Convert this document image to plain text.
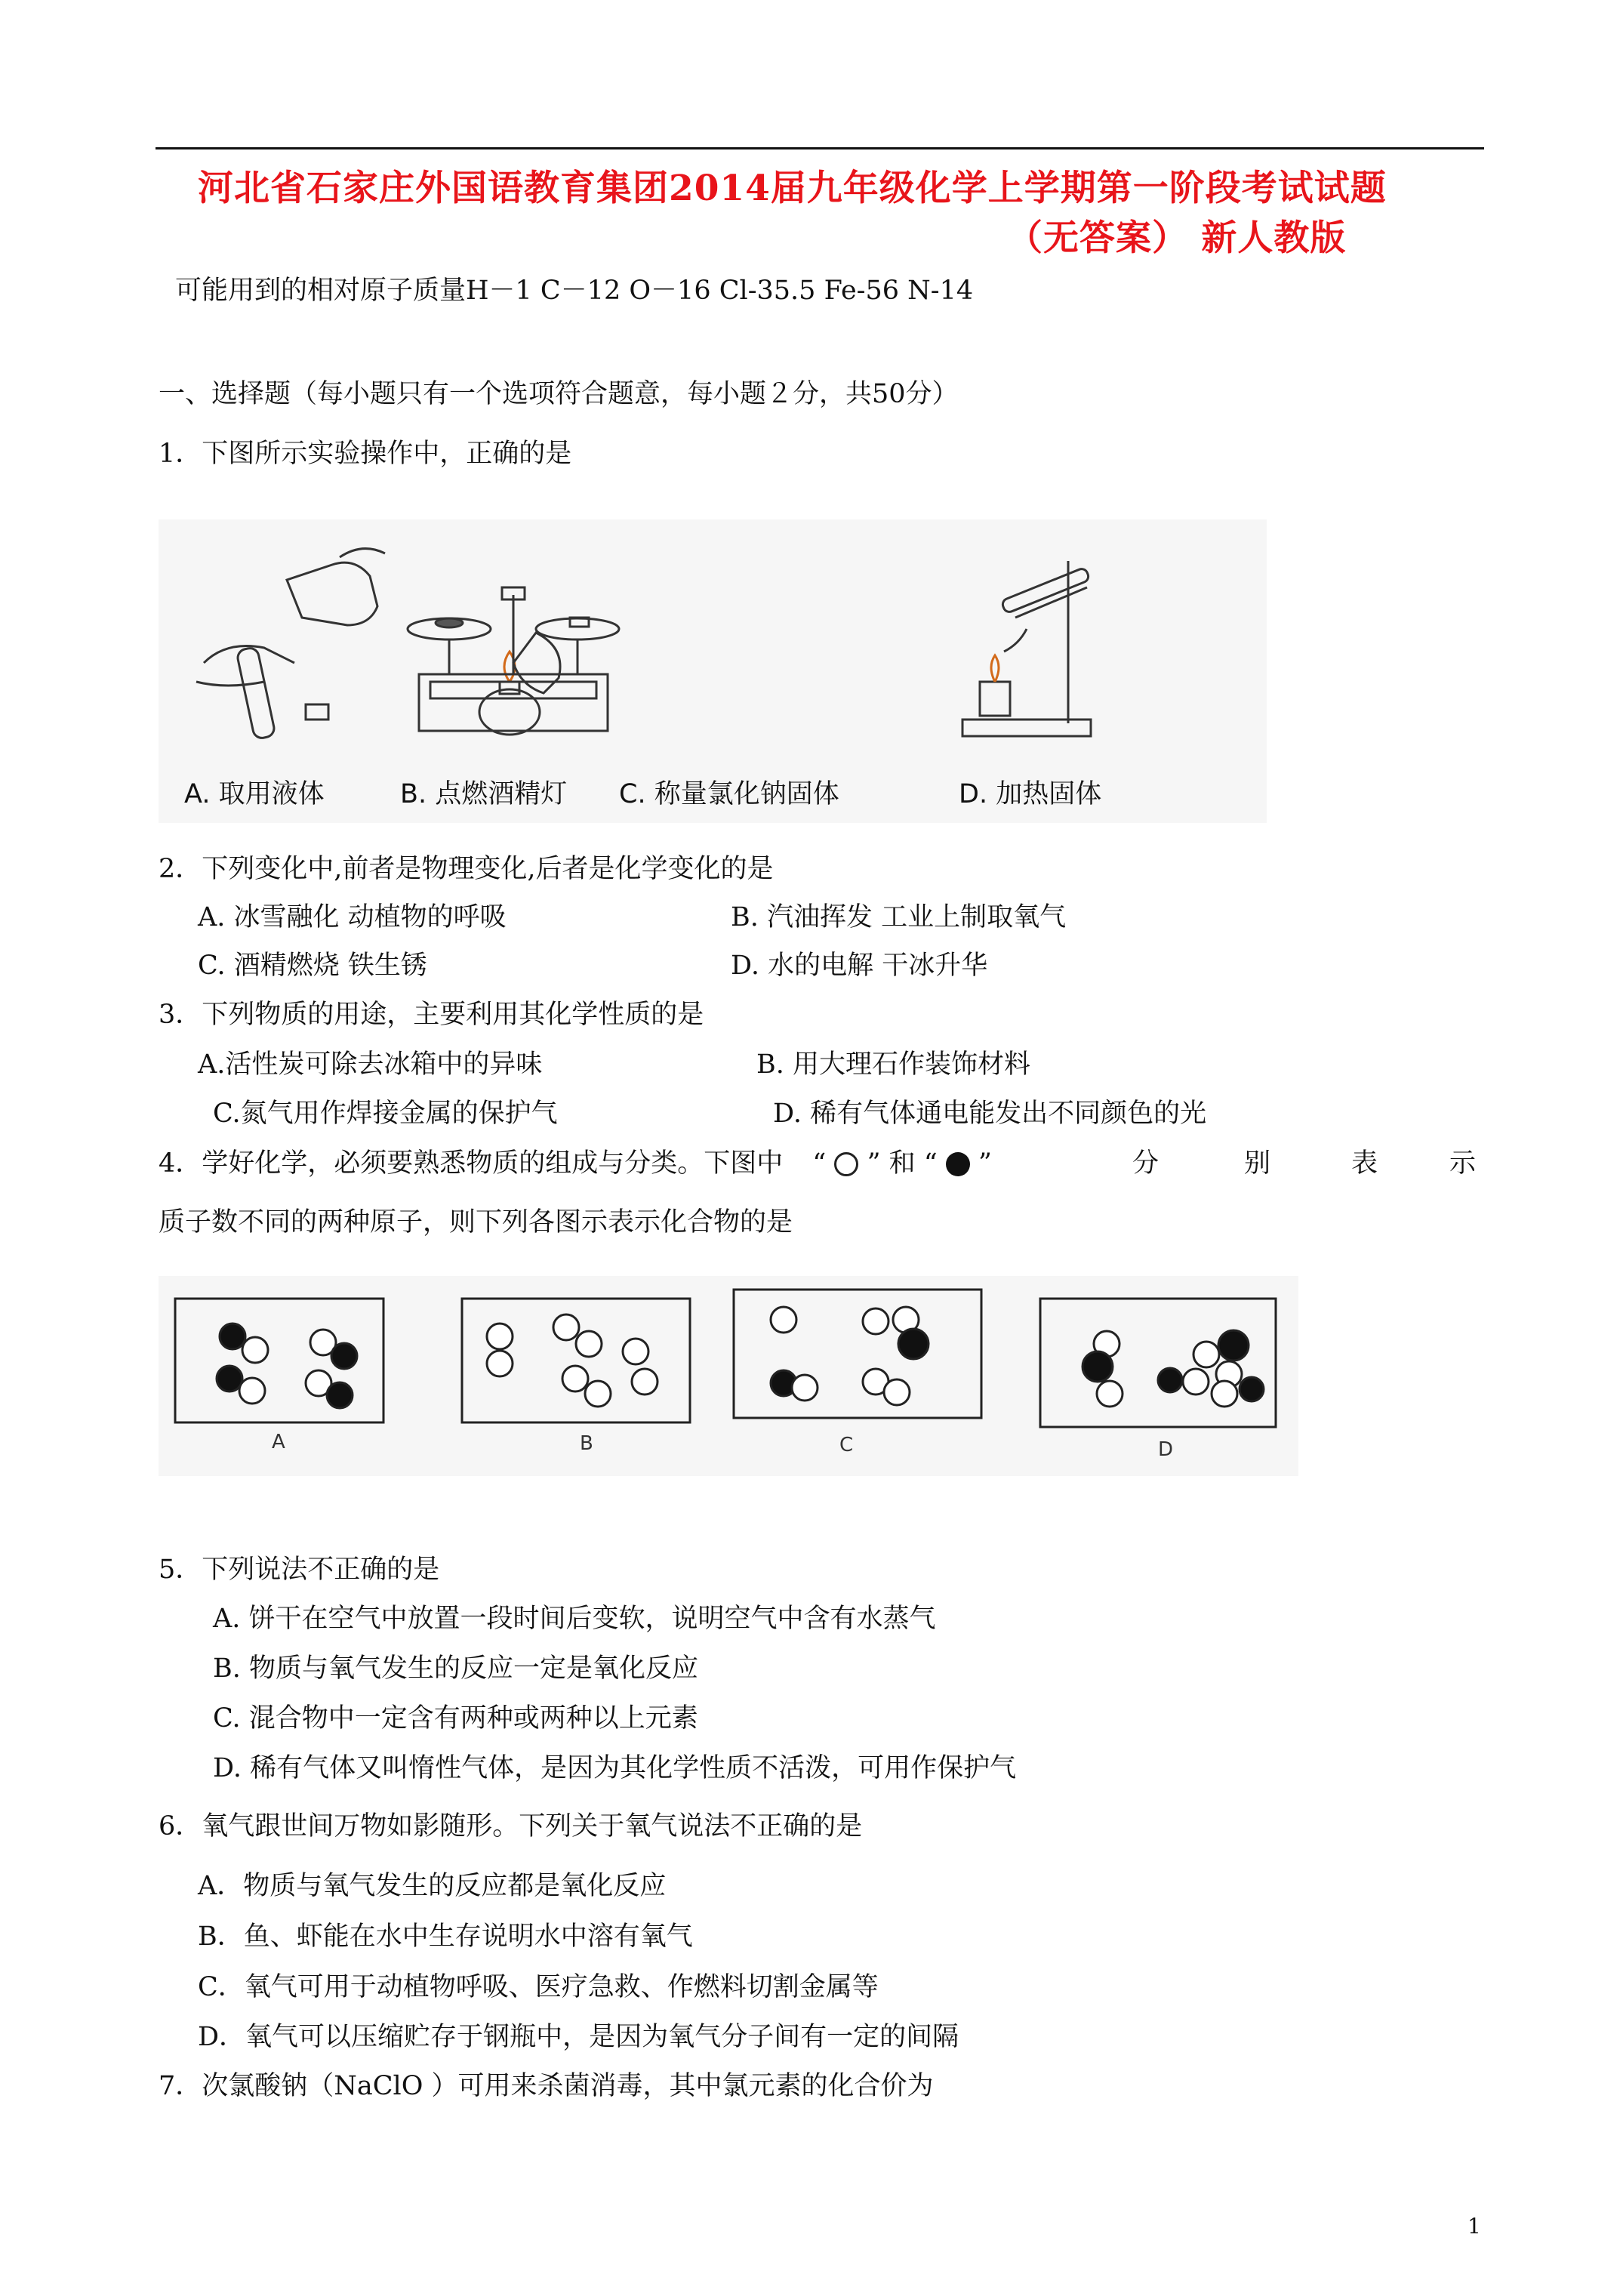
河北省石家庄外国语教育集团2014届九年级化学上学期第一阶段考试试题
（无答案） 新人教版
可能用到的相对原子质量H－1 C－12 O－16 Cl-35.5 Fe-56 N-14
一、选择题（每小题只有一个选项符合题意，每小题２分，共50分）
1．下图所示实验操作中，正确的是
A. 取用液体	B. 点燃酒精灯 C. 称量氯化钠固体	D. 加热固体
2．下列变化中,前者是物理变化,后者是化学变化的是
A. 冰雪融化 动植物的呼吸	B. 汽油挥发 工业上制取氧气
C. 酒精燃烧 铁生锈	D. 水的电解 干冰升华
3．下列物质的用途，主要利用其化学性质的是
A.活性炭可除去冰箱中的异味	B. 用大理石作装饰材料
C.氮气用作焊接金属的保护气	D. 稀有气体通电能发出不同颜色的光
4．学好化学，必须要熟悉物质的组成与分类。下图中 “ ” 和 “ ”	分	别	表	示
质子数不同的两种原子，则下列各图示表示化合物的是
A	B	C	D
5．下列说法不正确的是
A. 饼干在空气中放置一段时间后变软，说明空气中含有水蒸气
B. 物质与氧气发生的反应一定是氧化反应
C. 混合物中一定含有两种或两种以上元素
D. 稀有气体又叫惰性气体，是因为其化学性质不活泼，可用作保护气
6．氧气跟世间万物如影随形。下列关于氧气说法不正确的是
A．物质与氧气发生的反应都是氧化反应
B．鱼、虾能在水中生存说明水中溶有氧气
C．氧气可用于动植物呼吸、医疗急救、作燃料切割金属等
D．氧气可以压缩贮存于钢瓶中，是因为氧气分子间有一定的间隔
7．次氯酸钠（NaClO ）可用来杀菌消毒，其中氯元素的化合价为
1
